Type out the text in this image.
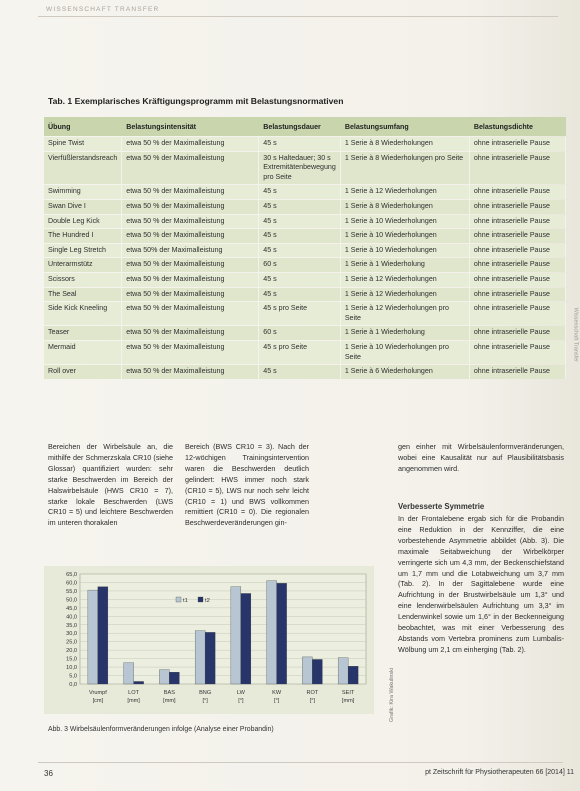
WISSENSCHAFT TRANSFER
Tab. 1 Exemplarisches Kräftigungsprogramm mit Belastungsnormativen
Übung	Belastungsintensität	Belastungsdauer	Belastungsumfang	Belastungsdichte
Spine Twist	etwa 50 % der Maximalleistung	45 s	1 Serie à 8 Wiederholungen	ohne intraserielle Pause
Vierfüßlerstandsreach	etwa 50 % der Maximalleistung	30 s Haltedauer; 30 s Extremitätenbewegung pro Seite	1 Serie à 8 Wiederholungen pro Seite	ohne intraserielle Pause
Swimming	etwa 50 % der Maximalleistung	45 s	1 Serie à 12 Wiederholungen	ohne intraserielle Pause
Swan Dive I	etwa 50 % der Maximalleistung	45 s	1 Serie à 8 Wiederholungen	ohne intraserielle Pause
Double Leg Kick	etwa 50 % der Maximalleistung	45 s	1 Serie à 10 Wiederholungen	ohne intraserielle Pause
The Hundred I	etwa 50 % der Maximalleistung	45 s	1 Serie à 10 Wiederholungen	ohne intraserielle Pause
Single Leg Stretch	etwa 50% der Maximalleistung	45 s	1 Serie à 10 Wiederholungen	ohne intraserielle Pause
Unterarmstütz	etwa 50 % der Maximalleistung	60 s	1 Serie à 1 Wiederholung	ohne intraserielle Pause
Scissors	etwa 50 % der Maximalleistung	45 s	1 Serie à 12 Wiederholungen	ohne intraserielle Pause
The Seal	etwa 50 % der Maximalleistung	45 s	1 Serie à 12 Wiederholungen	ohne intraserielle Pause
Side Kick Kneeling	etwa 50 % der Maximalleistung	45 s pro Seite	1 Serie à 12 Wiederholungen pro Seite	ohne intraserielle Pause
Teaser	etwa 50 % der Maximalleistung	60 s	1 Serie à 1 Wiederholung	ohne intraserielle Pause
Mermaid	etwa 50 % der Maximalleistung	45 s pro Seite	1 Serie à 10 Wiederholungen pro Seite	ohne intraserielle Pause
Roll over	etwa 50 % der Maximalleistung	45 s	1 Serie à 6 Wiederholungen	ohne intraserielle Pause
Wissenschaft Transfer
Bereichen der Wirbelsäule an, die mithilfe der Schmerzskala CR10 (siehe Glossar) quantifiziert wurden: sehr starke Beschwerden im Bereich der Halswirbelsäule (HWS CR10 = 7), starke lokale Beschwerden (LWS CR10 = 5) und leichtere Beschwerden im unteren thorakalen
Bereich (BWS CR10 = 3). Nach der 12-wöchigen Trainingsintervention waren die Beschwerden deutlich gelindert: HWS immer noch stark (CR10 = 5), LWS nur noch sehr leicht (CR10 = 1) und BWS vollkommen remittiert (CR10 = 0). Die regionalen Beschwerdeveränderungen gin-
gen einher mit Wirbelsäulenformveränderungen, wobei eine Kausalität nur auf Plausibilitätsbasis angenommen wird.
Verbesserte Symmetrie
In der Frontalebene ergab sich für die Probandin eine Reduktion in der Kennziffer, die eine vorbestehende Asymmetrie abbildet (Abb. 3). Die maximale Seitabweichung der Wirbelkörper verringerte sich um 4,3 mm, der Beckenschiefstand um 1,7 mm und die Lotabweichung um 3,7 mm (Tab. 2). In der Sagittalebene wurde eine Aufrichtung in der Brustwirbelsäule um 1,3° und eine lendenwirbelsäulen Aufrichtung um 3,3° im Lendenwinkel sowie um 1,6° in der Beckenneigung beobachtet, was mit einer Verbesserung des Abstands vom Vertebra prominens zum Lumbalis-Wölbung um 2,1 cm einherging (Tab. 2).
0,0
5,0
10,0
15,0
20,0
25,0
30,0
35,0
40,0
45,0
50,0
55,0
60,0
65,0
Vrumpf
[cm]
LOT
[mm]
BAS
[mm]
BNG
[°]
LW
[°]
KW
[°]
ROT
[°]
SEIT
[mm]
t1	t2
Grafik: Kira Wakulinski
Abb. 3 Wirbelsäulenformveränderungen infolge (Analyse einer Probandin)
36	pt Zeitschrift für Physiotherapeuten 66 [2014] 11
